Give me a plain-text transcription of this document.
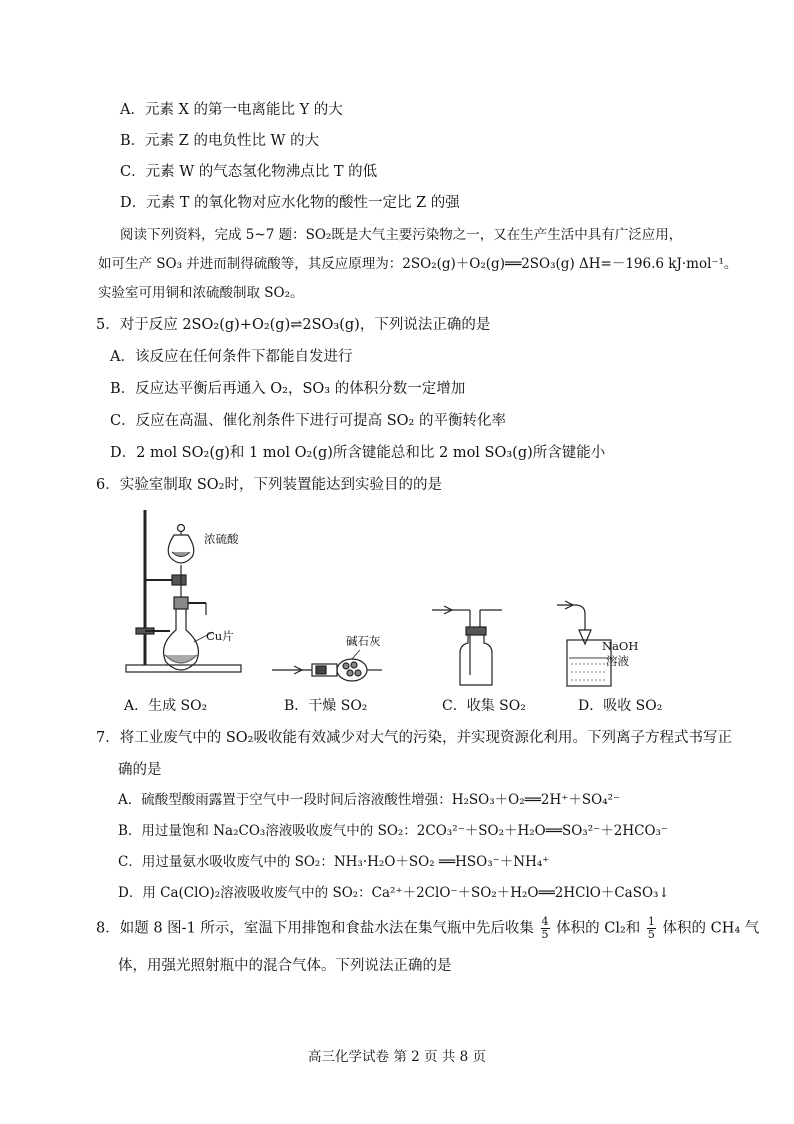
A．元素 X 的第一电离能比 Y 的大
B．元素 Z 的电负性比 W 的大
C．元素 W 的气态氢化物沸点比 T 的低
D．元素 T 的氧化物对应水化物的酸性一定比 Z 的强
阅读下列资料，完成 5~7 题：SO₂既是大气主要污染物之一，又在生产生活中具有广泛应用，
如可生产 SO₃ 并进而制得硫酸等，其反应原理为：2SO₂(g)＋O₂(g)══2SO₃(g) ΔH=－196.6 kJ·mol⁻¹。
实验室可用铜和浓硫酸制取 SO₂。
5．对于反应 2SO₂(g)+O₂(g)⇌2SO₃(g)，下列说法正确的是
A．该反应在任何条件下都能自发进行
B．反应达平衡后再通入 O₂，SO₃ 的体积分数一定增加
C．反应在高温、催化剂条件下进行可提高 SO₂ 的平衡转化率
D．2 mol SO₂(g)和 1 mol O₂(g)所含键能总和比 2 mol SO₃(g)所含键能小
6．实验室制取 SO₂时，下列装置能达到实验目的的是
浓硫酸
Cu片	碱石灰	NaOH
溶液
A．生成 SO₂	B．干燥 SO₂	C．收集 SO₂	D．吸收 SO₂
7．将工业废气中的 SO₂吸收能有效减少对大气的污染，并实现资源化利用。下列离子方程式书写正
确的是
A．硫酸型酸雨露置于空气中一段时间后溶液酸性增强：H₂SO₃＋O₂══2H⁺＋SO₄²⁻
B．用过量饱和 Na₂CO₃溶液吸收废气中的 SO₂：2CO₃²⁻＋SO₂＋H₂O══SO₃²⁻＋2HCO₃⁻
C．用过量氨水吸收废气中的 SO₂：NH₃·H₂O＋SO₂ ══HSO₃⁻＋NH₄⁺
D．用 Ca(ClO)₂溶液吸收废气中的 SO₂：Ca²⁺＋2ClO⁻＋SO₂＋H₂O══2HClO＋CaSO₃↓
8．如题 8 图-1 所示，室温下用排饱和食盐水法在集气瓶中先后收集 $\frac{4}{5}$ 体积的 Cl₂和 $\frac{1}{5}$ 体积的 CH₄ 气
体，用强光照射瓶中的混合气体。下列说法正确的是
高三化学试卷 第 2 页 共 8 页
